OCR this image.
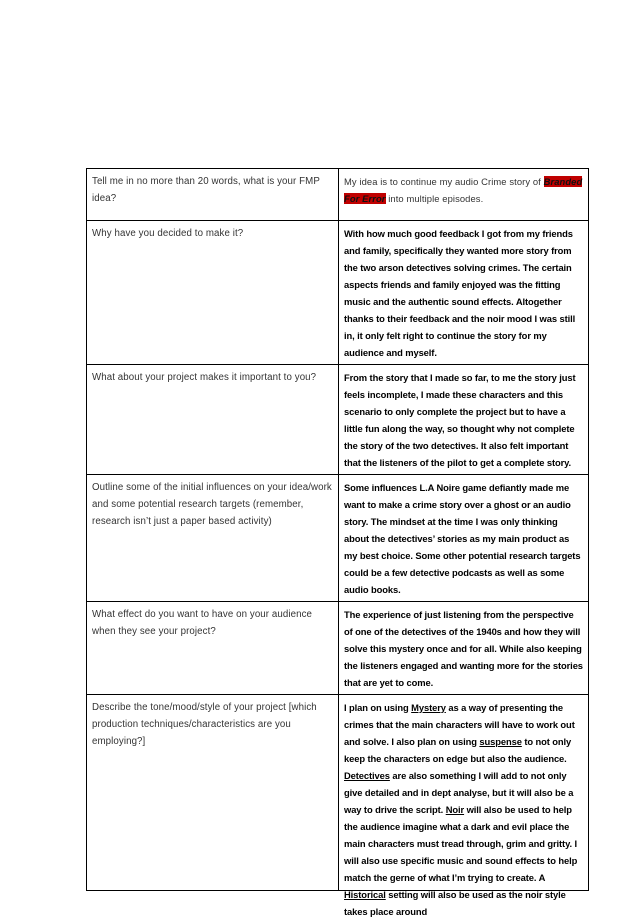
Tell me in no more than 20 words, what is your FMP idea?	My idea is to continue my audio Crime story of Branded For Error into multiple episodes.
Why have you decided to make it?	With how much good feedback I got from my friends and family, specifically they wanted more story from the two arson detectives solving crimes. The certain aspects friends and family enjoyed was the fitting music and the authentic sound effects. Altogether thanks to their feedback and the noir mood I was still in, it only felt right to continue the story for my audience and myself.
What about your project makes it important to you?	From the story that I made so far, to me the story just feels incomplete, I made these characters and this scenario to only complete the project but to have a little fun along the way, so thought why not complete the story of the two detectives. It also felt important that the listeners of the pilot to get a complete story.
Outline some of the initial influences on your idea/work and some potential research targets (remember, research isn’t just a paper based activity)	Some influences L.A Noire game defiantly made me want to make a crime story over a ghost or an audio story. The mindset at the time I was only thinking about the detectives’ stories as my main product as my best choice. Some other potential research targets could be a few detective podcasts as well as some audio books.
What effect do you want to have on your audience when they see your project?	The experience of just listening from the perspective of one of the detectives of the 1940s and how they will solve this mystery once and for all. While also keeping the listeners engaged and wanting more for the stories that are yet to come.
Describe the tone/mood/style of your project [which production techniques/characteristics are you employing?]	I plan on using Mystery as a way of presenting the crimes that the main characters will have to work out and solve. I also plan on using suspense to not only keep the characters on edge but also the audience. Detectives are also something I will add to not only give detailed and in dept analyse, but it will also be a way to drive the script. Noir will also be used to help the audience imagine what a dark and evil place the main characters must tread through, grim and gritty. I will also use specific music and sound effects to help match the gerne of what I’m trying to create. A Historical setting will also be used as the noir style takes place around
